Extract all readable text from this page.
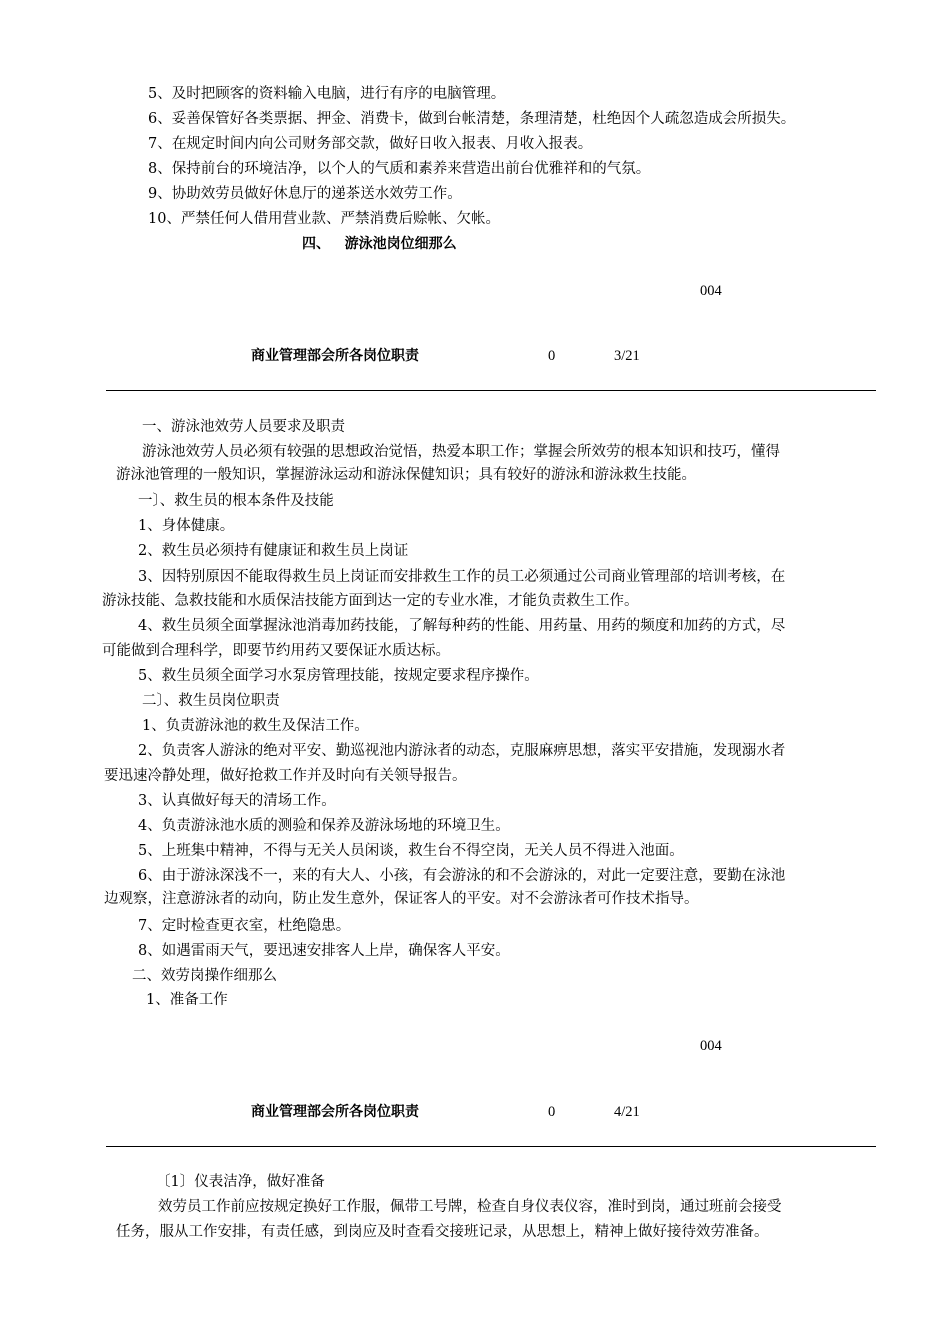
5、及时把顾客的资料输入电脑，进行有序的电脑管理。
6、妥善保管好各类票据、押金、消费卡，做到台帐清楚，条理清楚，杜绝因个人疏忽造成会所损失。
7、在规定时间内向公司财务部交款，做好日收入报表、月收入报表。
8、保持前台的环境洁净，以个人的气质和素养来营造出前台优雅祥和的气氛。
9、协助效劳员做好休息厅的递茶送水效劳工作。
10、严禁任何人借用营业款、严禁消费后赊帐、欠帐。
四、   游泳池岗位细那么
004
商业管理部会所各岗位职责	0	3/21
一、游泳池效劳人员要求及职责
游泳池效劳人员必须有较强的思想政治觉悟，热爱本职工作；掌握会所效劳的根本知识和技巧，懂得
游泳池管理的一般知识，掌握游泳运动和游泳保健知识；具有较好的游泳和游泳救生技能。
一〕、救生员的根本条件及技能
1、身体健康。
2、救生员必须持有健康证和救生员上岗证
3、因特别原因不能取得救生员上岗证而安排救生工作的员工必须通过公司商业管理部的培训考核，在
游泳技能、急救技能和水质保洁技能方面到达一定的专业水准，才能负责救生工作。
4、救生员须全面掌握泳池消毒加药技能，了解每种药的性能、用药量、用药的频度和加药的方式，尽
可能做到合理科学，即要节约用药又要保证水质达标。
5、救生员须全面学习水泵房管理技能，按规定要求程序操作。
二〕、救生员岗位职责
1、负责游泳池的救生及保洁工作。
2、负责客人游泳的绝对平安、勤巡视池内游泳者的动态，克服麻痹思想，落实平安措施，发现溺水者
要迅速冷静处理，做好抢救工作并及时向有关领导报告。
3、认真做好每天的清场工作。
4、负责游泳池水质的测验和保养及游泳场地的环境卫生。
5、上班集中精神，不得与无关人员闲谈，救生台不得空岗，无关人员不得进入池面。
6、由于游泳深浅不一，来的有大人、小孩，有会游泳的和不会游泳的，对此一定要注意，要勤在泳池
边观察，注意游泳者的动向，防止发生意外，保证客人的平安。对不会游泳者可作技术指导。
7、定时检查更衣室，杜绝隐患。
8、如遇雷雨天气，要迅速安排客人上岸，确保客人平安。
二、效劳岗操作细那么
1、准备工作
004
商业管理部会所各岗位职责	0	4/21
〔1〕仪表洁净，做好准备
效劳员工作前应按规定换好工作服，佩带工号牌，检查自身仪表仪容，准时到岗，通过班前会接受
任务，服从工作安排，有责任感，到岗应及时查看交接班记录，从思想上，精神上做好接待效劳准备。
